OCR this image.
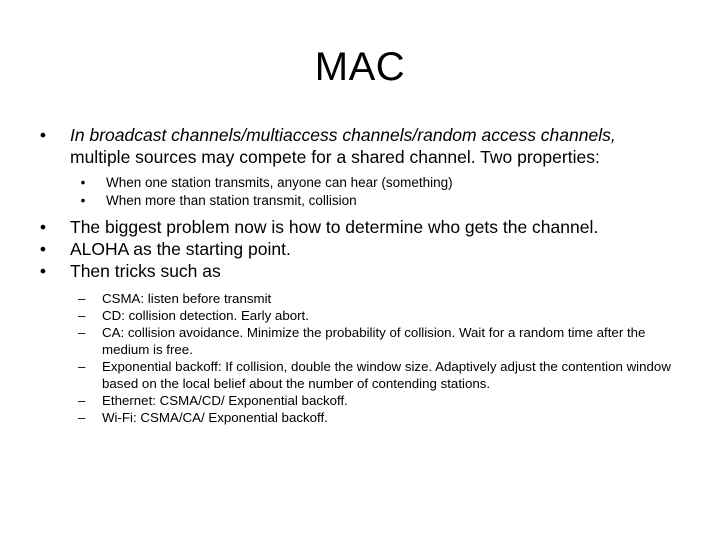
MAC
• In broadcast channels/multiaccess channels/random access channels, multiple sources may compete for a shared channel. Two properties:
• When one station transmits, anyone can hear (something)
• When more than station transmit, collision
• The biggest problem now is how to determine who gets the channel.
• ALOHA as the starting point.
• Then tricks such as
–	CSMA: listen before transmit
–	CD: collision detection. Early abort.
–	CA: collision avoidance. Minimize the probability of collision. Wait for a random time after the medium is free.
–	Exponential backoff: If collision, double the window size. Adaptively adjust the contention window based on the local belief about the number of contending stations.
–	Ethernet: CSMA/CD/ Exponential backoff.
–	Wi-Fi: CSMA/CA/ Exponential backoff.
